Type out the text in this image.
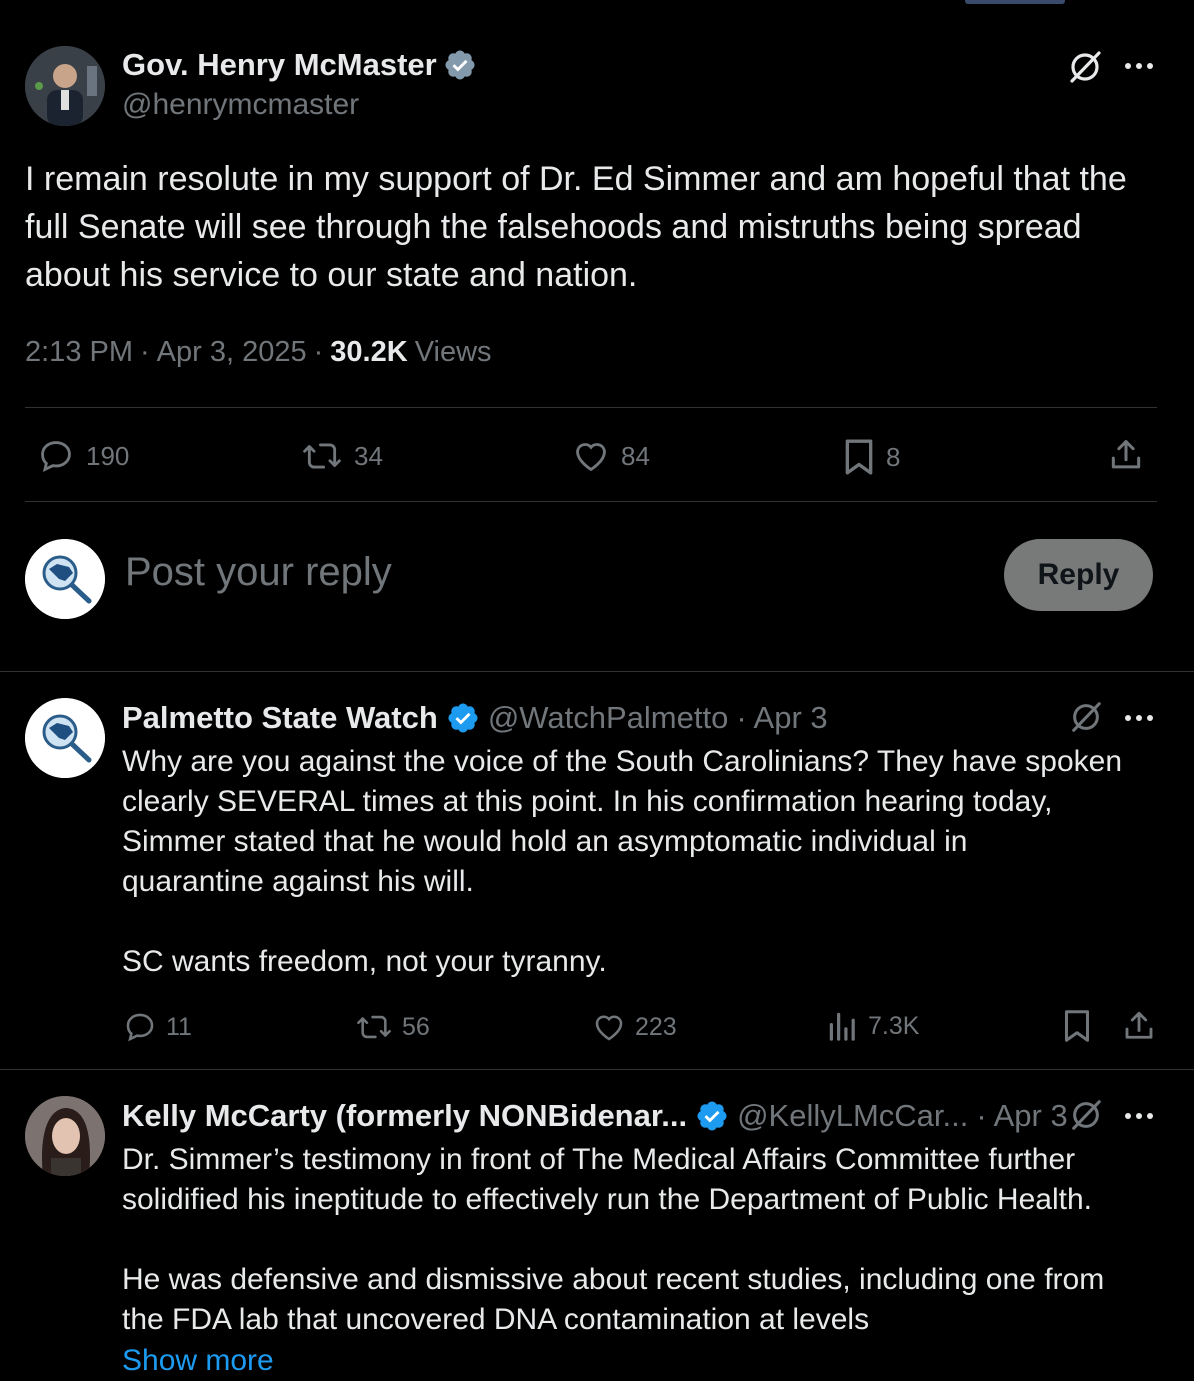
Gov. Henry McMaster
@henrymcmaster
I remain resolute in my support of Dr. Ed Simmer and am hopeful that the full Senate will see through the falsehoods and mistruths being spread about his service to our state and nation.
2:13 PM · Apr 3, 2025 · 30.2K Views
190	34	84	8
Post your reply	Reply
Palmetto State Watch @WatchPalmetto · Apr 3
Why are you against the voice of the South Carolinians? They have spoken
clearly SEVERAL times at this point. In his confirmation hearing today,
Simmer stated that he would hold an asymptomatic individual in
quarantine against his will.

SC wants freedom, not your tyranny.
11	56	223	7.3K
Kelly McCarty (formerly NONBidenar... @KellyLMcCar... · Apr 3
Dr. Simmer’s testimony in front of The Medical Affairs Committee further
solidified his ineptitude to effectively run the Department of Public Health.

He was defensive and dismissive about recent studies, including one from
the FDA lab that uncovered DNA contamination at levels
Show more
